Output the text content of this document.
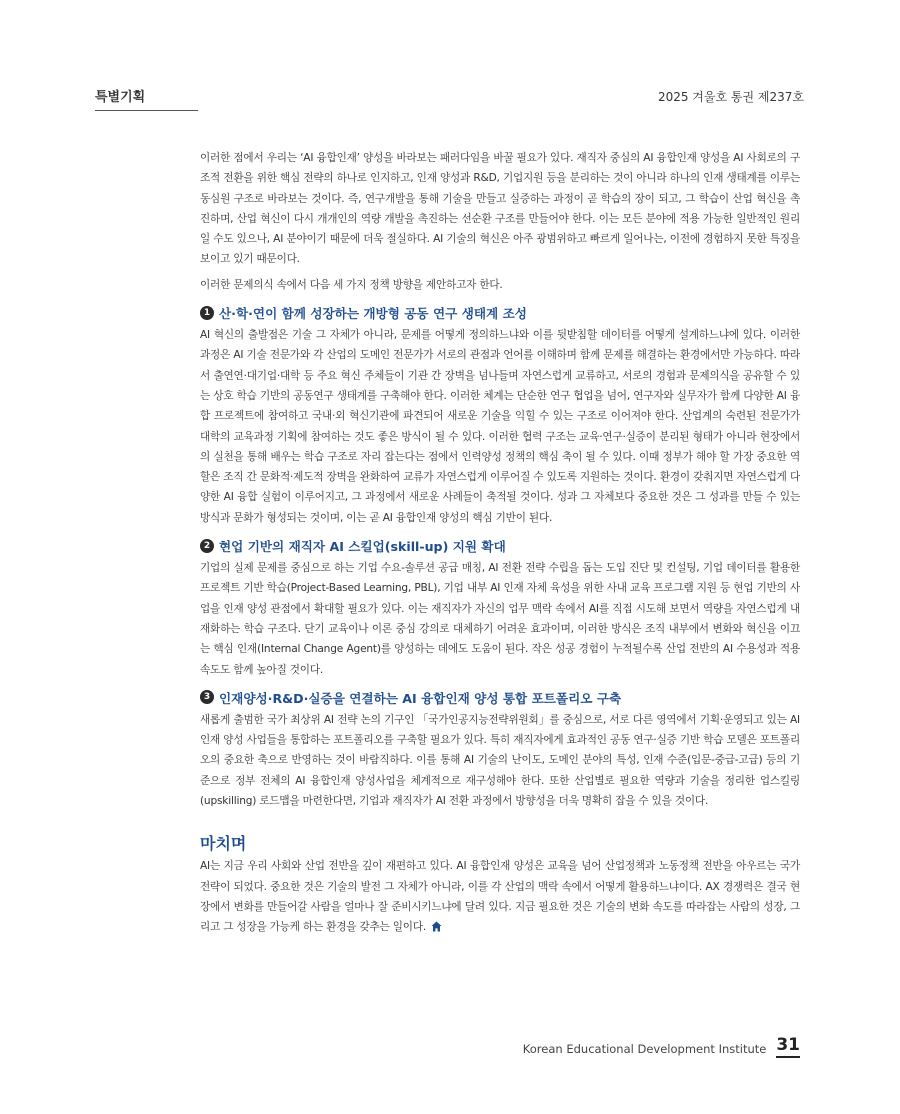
특별기획	2025 겨울호 통권 제237호

이러한 점에서 우리는 ‘AI 융합인재’ 양성을 바라보는 패러다임을 바꿀 필요가 있다. 재직자 중심의 AI 융합인재 양성을 AI 사회로의 구조적 전환을 위한 핵심 전략의 하나로 인지하고, 인재 양성과 R&D, 기업지원 등을 분리하는 것이 아니라 하나의 인재 생태계를 이루는 동심원 구조로 바라보는 것이다. 즉, 연구개발을 통해 기술을 만들고 실증하는 과정이 곧 학습의 장이 되고, 그 학습이 산업 혁신을 촉진하며, 산업 혁신이 다시 개개인의 역량 개발을 촉진하는 선순환 구조를 만들어야 한다. 이는 모든 분야에 적용 가능한 일반적인 원리일 수도 있으나, AI 분야이기 때문에 더욱 절실하다. AI 기술의 혁신은 아주 광범위하고 빠르게 일어나는, 이전에 경험하지 못한 특징을 보이고 있기 때문이다.

이러한 문제의식 속에서 다음 세 가지 정책 방향을 제안하고자 한다.

1 산·학·연이 함께 성장하는 개방형 공동 연구 생태계 조성

AI 혁신의 출발점은 기술 그 자체가 아니라, 문제를 어떻게 정의하느냐와 이를 뒷받침할 데이터를 어떻게 설계하느냐에 있다. 이러한 과정은 AI 기술 전문가와 각 산업의 도메인 전문가가 서로의 관점과 언어를 이해하며 함께 문제를 해결하는 환경에서만 가능하다. 따라서 출연연·대기업·대학 등 주요 혁신 주체들이 기관 간 장벽을 넘나들며 자연스럽게 교류하고, 서로의 경험과 문제의식을 공유할 수 있는 상호 학습 기반의 공동연구 생태계를 구축해야 한다. 이러한 체계는 단순한 연구 협업을 넘어, 연구자와 실무자가 함께 다양한 AI 융합 프로젝트에 참여하고 국내·외 혁신기관에 파견되어 새로운 기술을 익힐 수 있는 구조로 이어져야 한다. 산업계의 숙련된 전문가가 대학의 교육과정 기획에 참여하는 것도 좋은 방식이 될 수 있다. 이러한 협력 구조는 교육·연구·실증이 분리된 형태가 아니라 현장에서의 실천을 통해 배우는 학습 구조로 자리 잡는다는 점에서 인력양성 정책의 핵심 축이 될 수 있다. 이때 정부가 해야 할 가장 중요한 역할은 조직 간 문화적·제도적 장벽을 완화하여 교류가 자연스럽게 이루어질 수 있도록 지원하는 것이다. 환경이 갖춰지면 자연스럽게 다양한 AI 융합 실험이 이루어지고, 그 과정에서 새로운 사례들이 축적될 것이다. 성과 그 자체보다 중요한 것은 그 성과를 만들 수 있는 방식과 문화가 형성되는 것이며, 이는 곧 AI 융합인재 양성의 핵심 기반이 된다.

2 현업 기반의 재직자 AI 스킬업(skill-up) 지원 확대

기업의 실제 문제를 중심으로 하는 기업 수요-솔루션 공급 매칭, AI 전환 전략 수립을 돕는 도입 진단 및 컨설팅, 기업 데이터를 활용한 프로젝트 기반 학습(Project-Based Learning, PBL), 기업 내부 AI 인재 자체 육성을 위한 사내 교육 프로그램 지원 등 현업 기반의 사업을 인재 양성 관점에서 확대할 필요가 있다. 이는 재직자가 자신의 업무 맥락 속에서 AI를 직접 시도해 보면서 역량을 자연스럽게 내재화하는 학습 구조다. 단기 교육이나 이론 중심 강의로 대체하기 어려운 효과이며, 이러한 방식은 조직 내부에서 변화와 혁신을 이끄는 핵심 인재(Internal Change Agent)를 양성하는 데에도 도움이 된다. 작은 성공 경험이 누적될수록 산업 전반의 AI 수용성과 적용 속도도 함께 높아질 것이다.

3 인재양성·R&D·실증을 연결하는 AI 융합인재 양성 통합 포트폴리오 구축

새롭게 출범한 국가 최상위 AI 전략 논의 기구인 「국가인공지능전략위원회」를 중심으로, 서로 다른 영역에서 기획·운영되고 있는 AI 인재 양성 사업들을 통합하는 포트폴리오를 구축할 필요가 있다. 특히 재직자에게 효과적인 공동 연구·실증 기반 학습 모델은 포트폴리오의 중요한 축으로 반영하는 것이 바람직하다. 이를 통해 AI 기술의 난이도, 도메인 분야의 특성, 인재 수준(입문-중급-고급) 등의 기준으로 정부 전체의 AI 융합인재 양성사업을 체계적으로 재구성해야 한다. 또한 산업별로 필요한 역량과 기술을 정리한 업스킬링(upskilling) 로드맵을 마련한다면, 기업과 재직자가 AI 전환 과정에서 방향성을 더욱 명확히 잡을 수 있을 것이다.

마치며

AI는 지금 우리 사회와 산업 전반을 깊이 재편하고 있다. AI 융합인재 양성은 교육을 넘어 산업정책과 노동정책 전반을 아우르는 국가 전략이 되었다. 중요한 것은 기술의 발전 그 자체가 아니라, 이를 각 산업의 맥락 속에서 어떻게 활용하느냐이다. AX 경쟁력은 결국 현장에서 변화를 만들어갈 사람을 얼마나 잘 준비시키느냐에 달려 있다. 지금 필요한 것은 기술의 변화 속도를 따라잡는 사람의 성장, 그리고 그 성장을 가능케 하는 환경을 갖추는 일이다.

Korean Educational Development Institute 31
